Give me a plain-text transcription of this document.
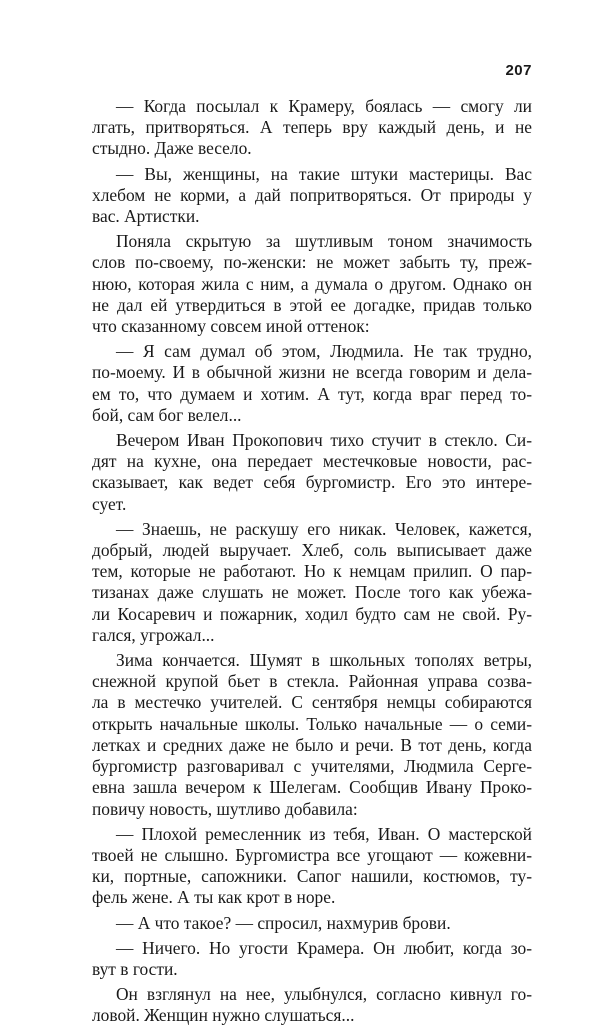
207

— Когда посылал к Крамеру, боялась — смогу ли
лгать, притворяться. А теперь вру каждый день, и не
стыдно. Даже весело.

— Вы, женщины, на такие штуки мастерицы. Вас
хлебом не корми, а дай попритворяться. От природы у
вас. Артистки.

Поняла скрытую за шутливым тоном значимость
слов по-своему, по-женски: не может забыть ту, преж-
нюю, которая жила с ним, а думала о другом. Однако он
не дал ей утвердиться в этой ее догадке, придав только
что сказанному совсем иной оттенок:

— Я сам думал об этом, Людмила. Не так трудно,
по-моему. И в обычной жизни не всегда говорим и дела-
ем то, что думаем и хотим. А тут, когда враг перед то-
бой, сам бог велел...

Вечером Иван Прокопович тихо стучит в стекло. Си-
дят на кухне, она передает местечковые новости, рас-
сказывает, как ведет себя бургомистр. Его это интере-
сует.

— Знаешь, не раскушу его никак. Человек, кажется,
добрый, людей выручает. Хлеб, соль выписывает даже
тем, которые не работают. Но к немцам прилип. О пар-
тизанах даже слушать не может. После того как убежа-
ли Косаревич и пожарник, ходил будто сам не свой. Ру-
гался, угрожал...

Зима кончается. Шумят в школьных тополях ветры,
снежной крупой бьет в стекла. Районная управа созва-
ла в местечко учителей. С сентября немцы собираются
открыть начальные школы. Только начальные — о семи-
летках и средних даже не было и речи. В тот день, когда
бургомистр разговаривал с учителями, Людмила Серге-
евна зашла вечером к Шелегам. Сообщив Ивану Проко-
повичу новость, шутливо добавила:

— Плохой ремесленник из тебя, Иван. О мастерской
твоей не слышно. Бургомистра все угощают — кожевни-
ки, портные, сапожники. Сапог нашили, костюмов, ту-
фель жене. А ты как крот в норе.

— А что такое? — спросил, нахмурив брови.

— Ничего. Но угости Крамера. Он любит, когда зо-
вут в гости.

Он взглянул на нее, улыбнулся, согласно кивнул го-
ловой. Женщин нужно слушаться...
